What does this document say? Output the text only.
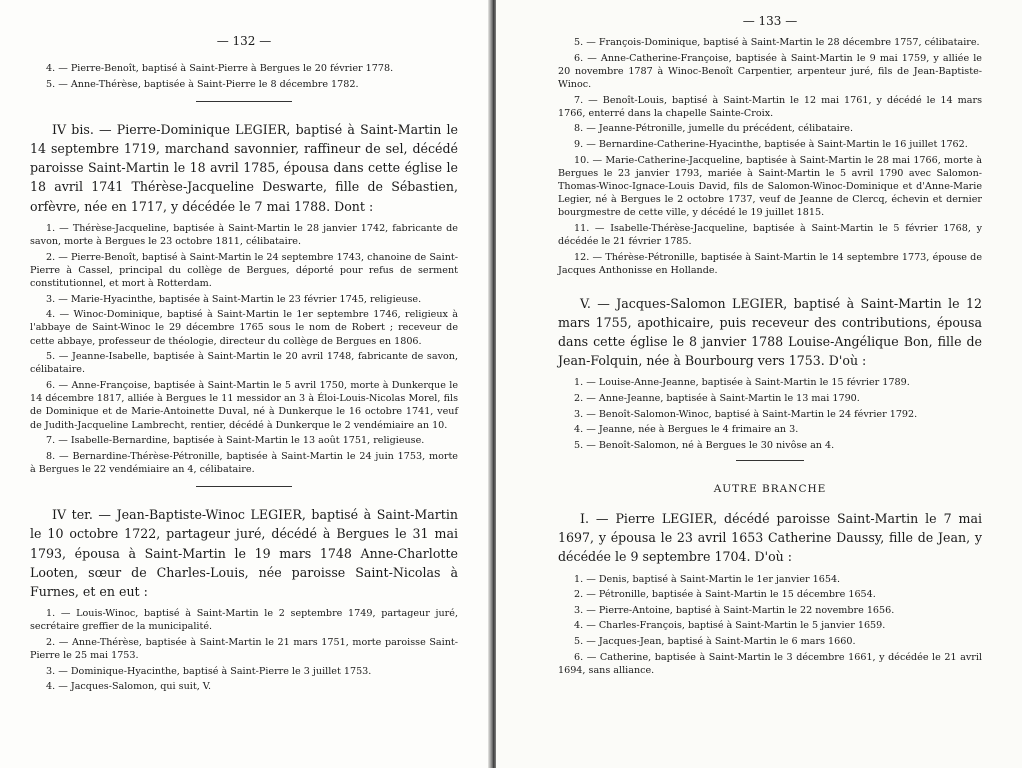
— 132 —

4. — Pierre-Benoît, baptisé à Saint-Pierre à Bergues le 20 février 1778.

5. — Anne-Thérèse, baptisée à Saint-Pierre le 8 décembre 1782.

IV bis. — Pierre-Dominique LEGIER, baptisé à Saint-Martin le 14 septembre 1719, marchand savonnier, raffineur de sel, décédé paroisse Saint-Martin le 18 avril 1785, épousa dans cette église le 18 avril 1741 Thérèse-Jacqueline Deswarte, fille de Sébastien, orfèvre, née en 1717, y décédée le 7 mai 1788. Dont :

1. — Thérèse-Jacqueline, baptisée à Saint-Martin le 28 janvier 1742, fabricante de savon, morte à Bergues le 23 octobre 1811, célibataire.

2. — Pierre-Benoît, baptisé à Saint-Martin le 24 septembre 1743, chanoine de Saint-Pierre à Cassel, principal du collège de Bergues, déporté pour refus de serment constitutionnel, et mort à Rotterdam.

3. — Marie-Hyacinthe, baptisée à Saint-Martin le 23 février 1745, religieuse.

4. — Winoc-Dominique, baptisé à Saint-Martin le 1er septembre 1746, religieux à l'abbaye de Saint-Winoc le 29 décembre 1765 sous le nom de Robert ; receveur de cette abbaye, professeur de théologie, directeur du collège de Bergues en 1806.

5. — Jeanne-Isabelle, baptisée à Saint-Martin le 20 avril 1748, fabricante de savon, célibataire.

6. — Anne-Françoise, baptisée à Saint-Martin le 5 avril 1750, morte à Dunkerque le 14 décembre 1817, alliée à Bergues le 11 messidor an 3 à Éloi-Louis-Nicolas Morel, fils de Dominique et de Marie-Antoinette Duval, né à Dunkerque le 16 octobre 1741, veuf de Judith-Jacqueline Lambrecht, rentier, décédé à Dunkerque le 2 vendémiaire an 10.

7. — Isabelle-Bernardine, baptisée à Saint-Martin le 13 août 1751, religieuse.

8. — Bernardine-Thérèse-Pétronille, baptisée à Saint-Martin le 24 juin 1753, morte à Bergues le 22 vendémiaire an 4, célibataire.

IV ter. — Jean-Baptiste-Winoc LEGIER, baptisé à Saint-Martin le 10 octobre 1722, partageur juré, décédé à Bergues le 31 mai 1793, épousa à Saint-Martin le 19 mars 1748 Anne-Charlotte Looten, sœur de Charles-Louis, née paroisse Saint-Nicolas à Furnes, et en eut :

1. — Louis-Winoc, baptisé à Saint-Martin le 2 septembre 1749, partageur juré, secrétaire greffier de la municipalité.

2. — Anne-Thérèse, baptisée à Saint-Martin le 21 mars 1751, morte paroisse Saint-Pierre le 25 mai 1753.

3. — Dominique-Hyacinthe, baptisé à Saint-Pierre le 3 juillet 1753.

4. — Jacques-Salomon, qui suit, V.

— 133 —

5. — François-Dominique, baptisé à Saint-Martin le 28 décembre 1757, célibataire.

6. — Anne-Catherine-Françoise, baptisée à Saint-Martin le 9 mai 1759, y alliée le 20 novembre 1787 à Winoc-Benoît Carpentier, arpenteur juré, fils de Jean-Baptiste-Winoc.

7. — Benoît-Louis, baptisé à Saint-Martin le 12 mai 1761, y décédé le 14 mars 1766, enterré dans la chapelle Sainte-Croix.

8. — Jeanne-Pétronille, jumelle du précédent, célibataire.

9. — Bernardine-Catherine-Hyacinthe, baptisée à Saint-Martin le 16 juillet 1762.

10. — Marie-Catherine-Jacqueline, baptisée à Saint-Martin le 28 mai 1766, morte à Bergues le 23 janvier 1793, mariée à Saint-Martin le 5 avril 1790 avec Salomon-Thomas-Winoc-Ignace-Louis David, fils de Salomon-Winoc-Dominique et d'Anne-Marie Legier, né à Bergues le 2 octobre 1737, veuf de Jeanne de Clercq, échevin et dernier bourgmestre de cette ville, y décédé le 19 juillet 1815.

11. — Isabelle-Thérèse-Jacqueline, baptisée à Saint-Martin le 5 février 1768, y décédée le 21 février 1785.

12. — Thérèse-Pétronille, baptisée à Saint-Martin le 14 septembre 1773, épouse de Jacques Anthonisse en Hollande.

V. — Jacques-Salomon LEGIER, baptisé à Saint-Martin le 12 mars 1755, apothicaire, puis receveur des contributions, épousa dans cette église le 8 janvier 1788 Louise-Angélique Bon, fille de Jean-Folquin, née à Bourbourg vers 1753. D'où :

1. — Louise-Anne-Jeanne, baptisée à Saint-Martin le 15 février 1789.

2. — Anne-Jeanne, baptisée à Saint-Martin le 13 mai 1790.

3. — Benoît-Salomon-Winoc, baptisé à Saint-Martin le 24 février 1792.

4. — Jeanne, née à Bergues le 4 frimaire an 3.

5. — Benoît-Salomon, né à Bergues le 30 nivôse an 4.

AUTRE BRANCHE

I. — Pierre LEGIER, décédé paroisse Saint-Martin le 7 mai 1697, y épousa le 23 avril 1653 Catherine Daussy, fille de Jean, y décédée le 9 septembre 1704. D'où :

1. — Denis, baptisé à Saint-Martin le 1er janvier 1654.

2. — Pétronille, baptisée à Saint-Martin le 15 décembre 1654.

3. — Pierre-Antoine, baptisé à Saint-Martin le 22 novembre 1656.

4. — Charles-François, baptisé à Saint-Martin le 5 janvier 1659.

5. — Jacques-Jean, baptisé à Saint-Martin le 6 mars 1660.

6. — Catherine, baptisée à Saint-Martin le 3 décembre 1661, y décédée le 21 avril 1694, sans alliance.
